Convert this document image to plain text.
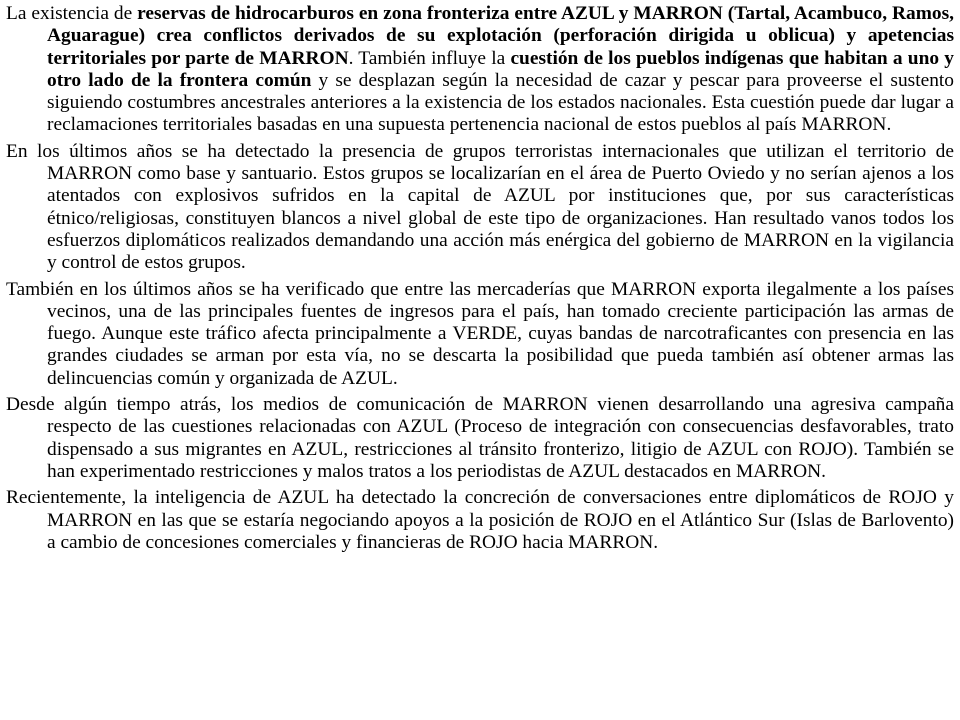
La existencia de reservas de hidrocarburos en zona fronteriza entre AZUL y MARRON (Tartal, Acambuco, Ramos, Aguarague) crea conflictos derivados de su explotación (perforación dirigida u oblicua) y apetencias territoriales por parte de MARRON. También influye la cuestión de los pueblos indígenas que habitan a uno y otro lado de la frontera común y se desplazan según la necesidad de cazar y pescar para proveerse el sustento siguiendo costumbres ancestrales anteriores a la existencia de los estados nacionales. Esta cuestión puede dar lugar a reclamaciones territoriales basadas en una supuesta pertenencia nacional de estos pueblos al país MARRON.

En los últimos años se ha detectado la presencia de grupos terroristas internacionales que utilizan el territorio de MARRON como base y santuario. Estos grupos se localizarían en el área de Puerto Oviedo y no serían ajenos a los atentados con explosivos sufridos en la capital de AZUL por instituciones que, por sus características étnico/religiosas, constituyen blancos a nivel global de este tipo de organizaciones. Han resultado vanos todos los esfuerzos diplomáticos realizados demandando una acción más enérgica del gobierno de MARRON en la vigilancia y control de estos grupos.

También en los últimos años se ha verificado que entre las mercaderías que MARRON exporta ilegalmente a los países vecinos, una de las principales fuentes de ingresos para el país, han tomado creciente participación las armas de fuego. Aunque este tráfico afecta principalmente a VERDE, cuyas bandas de narcotraficantes con presencia en las grandes ciudades se arman por esta vía, no se descarta la posibilidad que pueda también así obtener armas las delincuencias común y organizada de AZUL.

Desde algún tiempo atrás, los medios de comunicación de MARRON vienen desarrollando una agresiva campaña respecto de las cuestiones relacionadas con AZUL (Proceso de integración con consecuencias desfavorables, trato dispensado a sus migrantes en AZUL, restricciones al tránsito fronterizo, litigio de AZUL con ROJO). También se han experimentado restricciones y malos tratos a los periodistas de AZUL destacados en MARRON.

Recientemente, la inteligencia de AZUL ha detectado la concreción de conversaciones entre diplomáticos de ROJO y MARRON en las que se estaría negociando apoyos a la posición de ROJO en el Atlántico Sur (Islas de Barlovento) a cambio de concesiones comerciales y financieras de ROJO hacia MARRON.
